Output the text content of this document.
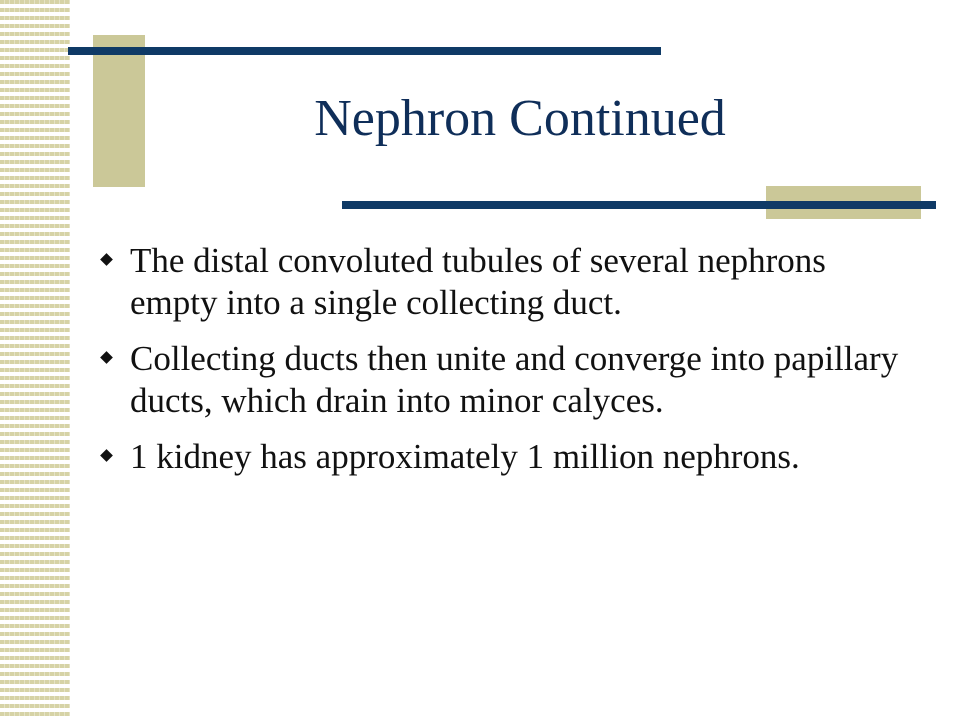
Nephron Continued
The distal convoluted tubules of several nephrons empty into a single collecting duct.
Collecting ducts then unite and converge into papillary ducts, which drain into minor calyces.
1 kidney has approximately 1 million nephrons.
